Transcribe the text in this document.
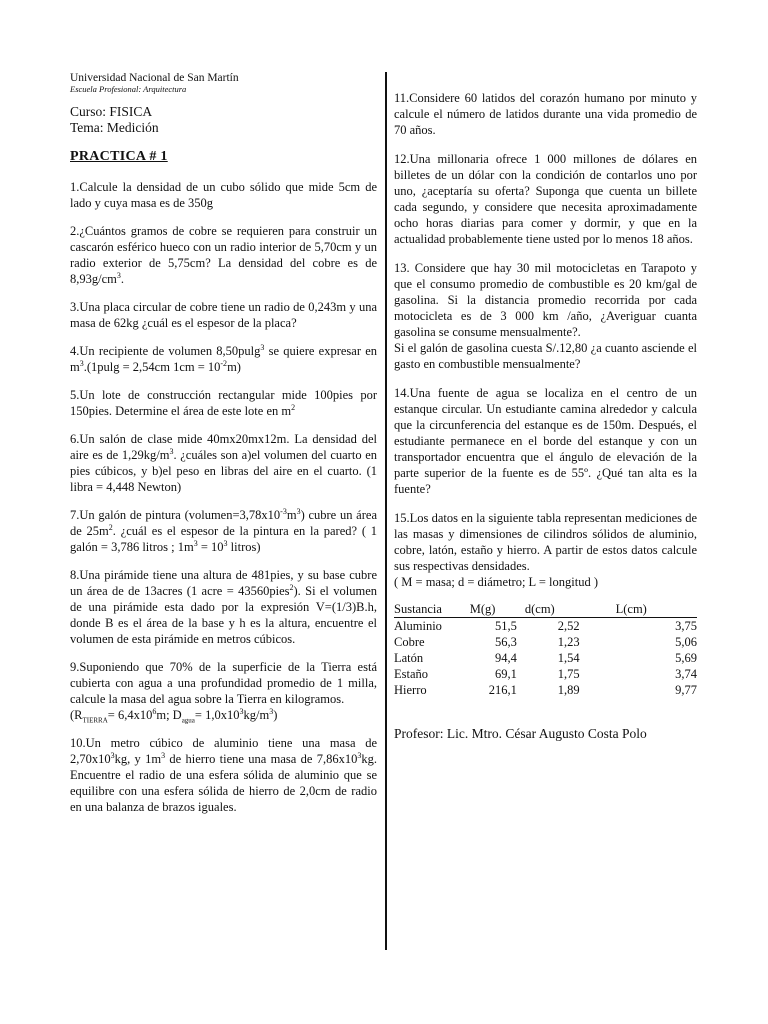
Universidad Nacional de San Martín
Escuela Profesional: Arquitectura
Curso: FISICA
Tema: Medición
PRACTICA # 1

1.Calcule la densidad de un cubo sólido que mide 5cm de lado y cuya masa es de 350g

2.¿Cuántos gramos de cobre se requieren para construir un cascarón esférico hueco con un radio interior de 5,70cm y un radio exterior de 5,75cm? La densidad del cobre es de $8,93g/cm^3$.

3.Una placa circular de cobre tiene un radio de 0,243m y una masa de 62kg ¿cuál es el espesor de la placa?

4.Un recipiente de volumen 8,50pulg$^3$ se quiere expresar en $m^3.(1pulg = 2,54cm$ $1cm = 10^{-2}m$)

5.Un lote de construcción rectangular mide 100pies por 150pies. Determine el área de este lote en $m^2$

6.Un salón de clase mide 40mx20mx12m. La densidad del aire es de $1,29kg/m^3$. ¿cuáles son a)el volumen del cuarto en pies cúbicos, y b)el peso en libras del aire en el cuarto. (1 libra = 4,448 Newton)

7.Un galón de pintura $(volumen=3,78x10^{-3}m^3)$ cubre un área de $25m^2$. ¿cuál es el espesor de la pintura en la pared? ( 1 galón = 3,786 litros ; $1m^3 = 10^3$ litros)

8.Una pirámide tiene una altura de 481pies, y su base cubre un área de de 13acres (1 acre = 43560pies$^2$). Si el volumen de una pirámide esta dado por la expresión V=(1/3)B.h, donde B es el área de la base y h es la altura, encuentre el volumen de esta pirámide en metros cúbicos.

9.Suponiendo que 70% de la superficie de la Tierra está cubierta con agua a una profundidad promedio de 1 milla, calcule la masa del agua sobre la Tierra en kilogramos.

($R_{TIERRA}= 6,4x10^6m$; $D_{agua}= 1,0x10^3kg/m^3$)

10.Un metro cúbico de aluminio tiene una masa de $2,70x10^3kg$, y $1m^3$ de hierro tiene una masa de $7,86x10^3kg$. Encuentre el radio de una esfera sólida de aluminio que se equilibre con una esfera sólida de hierro de 2,0cm de radio en una balanza de brazos iguales.

11.Considere 60 latidos del corazón humano por minuto y calcule el número de latidos durante una vida promedio de 70 años.

12.Una millonaria ofrece 1 000 millones de dólares en billetes de un dólar con la condición de contarlos uno por uno, ¿aceptaría su oferta? Suponga que cuenta un billete cada segundo, y considere que necesita aproximadamente ocho horas diarias para comer y dormir, y que en la actualidad probablemente tiene usted por lo menos 18 años.

13. Considere que hay 30 mil motocicletas en Tarapoto y que el consumo promedio de combustible es 20 km/gal de gasolina. Si la distancia promedio recorrida por cada motocicleta es de 3 000 km /año, ¿Averiguar cuanta gasolina se consume mensualmente?.

Si el galón de gasolina cuesta S/.12,80 ¿a cuanto asciende el gasto en combustible mensualmente?

14.Una fuente de agua se localiza en el centro de un estanque circular. Un estudiante camina alrededor y calcula que la circunferencia del estanque es de 150m. Después, el estudiante permanece en el borde del estanque y con un transportador encuentra que el ángulo de elevación de la parte superior de la fuente es de 55º. ¿Qué tan alta es la fuente?

15.Los datos en la siguiente tabla representan mediciones de las masas y dimensiones de cilindros sólidos de aluminio, cobre, latón, estaño y hierro. A partir de estos datos calcule sus respectivas densidades.

( M = masa; d = diámetro; L = longitud )

Sustancia	M(g)	d(cm)	L(cm)
Aluminio	51,5	2,52	3,75
Cobre	56,3	1,23	5,06
Latón	94,4	1,54	5,69
Estaño	69,1	1,75	3,74
Hierro	216,1	1,89	9,77
Profesor: Lic. Mtro. César Augusto Costa Polo
